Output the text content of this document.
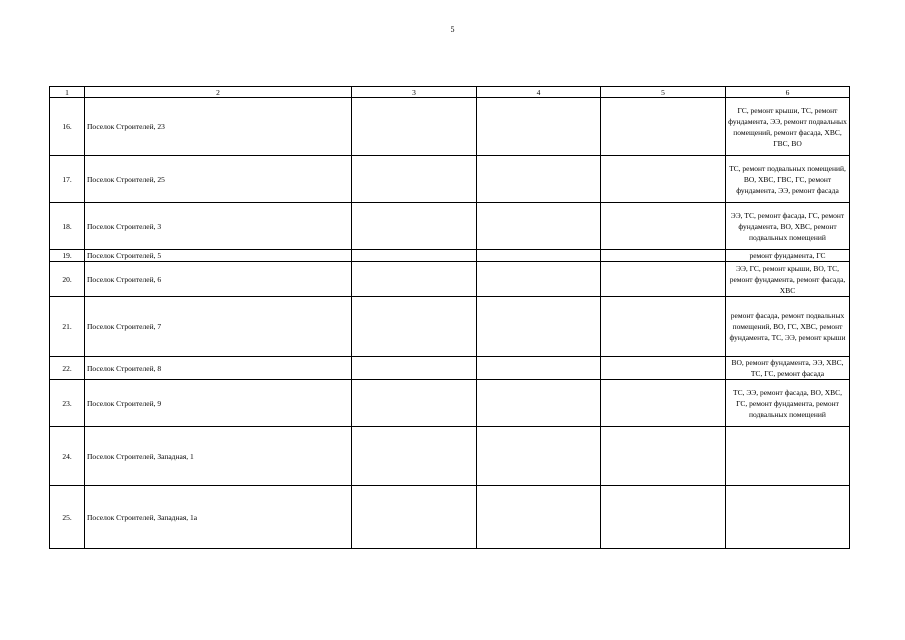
5
1	2	3	4	5	6
16.	Поселок Строителей, 23				ГС, ремонт крыши, ТС, ремонт фундамента, ЭЭ, ремонт подвальных помещений, ремонт фасада, ХВС, ГВС, ВО
17.	Поселок Строителей, 25				ТС, ремонт подвальных помещений, ВО, ХВС, ГВС, ГС, ремонт фундамента, ЭЭ, ремонт фасада
18.	Поселок Строителей, 3				ЭЭ, ТС, ремонт фасада, ГС, ремонт фундамента, ВО, ХВС, ремонт подвальных помещений
19.	Поселок Строителей, 5				ремонт фундамента, ГС
20.	Поселок Строителей, 6				ЭЭ, ГС, ремонт крыши, ВО, ТС, ремонт фундамента, ремонт фасада, ХВС
21.	Поселок Строителей, 7				ремонт фасада, ремонт подвальных помещений, ВО, ГС, ХВС, ремонт фундамента, ТС, ЭЭ, ремонт крыши
22.	Поселок Строителей, 8				ВО, ремонт фундамента, ЭЭ, ХВС, ТС, ГС, ремонт фасада
23.	Поселок Строителей, 9				ТС, ЭЭ, ремонт фасада, ВО, ХВС, ГС, ремонт фундамента, ремонт подвальных помещений
24.	Поселок Строителей, Западная, 1				
25.	Поселок Строителей, Западная, 1а				
